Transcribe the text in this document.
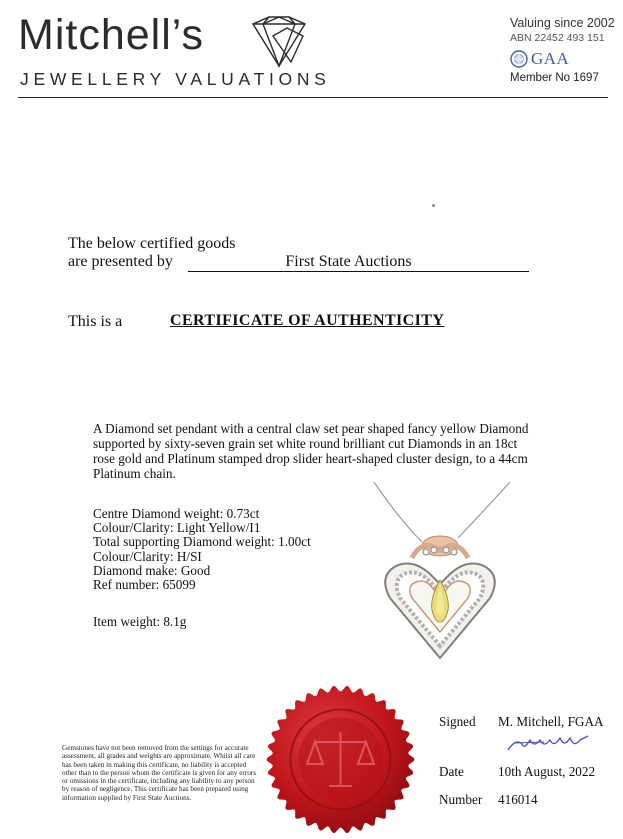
Mitchell’s
JEWELLERY VALUATIONS
Valuing since 2002
ABN 22452 493 151
GAA
Member No 1697
The below certified goods
are presented by	First State Auctions
This is a	CERTIFICATE OF AUTHENTICITY
A Diamond set pendant with a central claw set pear shaped fancy yellow Diamond supported by sixty-seven grain set white round brilliant cut Diamonds in an 18ct rose gold and Platinum stamped drop slider heart-shaped cluster design, to a 44cm Platinum chain.
Centre Diamond weight: 0.73ct
Colour/Clarity: Light Yellow/I1
Total supporting Diamond weight: 1.00ct
Colour/Clarity: H/SI
Diamond make: Good
Ref number: 65099
Item weight: 8.1g
Gemstones have not been removed from the settings for accurate assessment, all grades and weights are approximate. Whilst all care has been taken in making this certificate, no liability is accepted other than to the person whom the certificate is given for any errors or omissions in the certificate, including any liability to any person by reason of negligence. This certificate has been prepared using information supplied by First State Auctions.
Signed M. Mitchell, FGAA
Date	10th August, 2022
Number 416014
